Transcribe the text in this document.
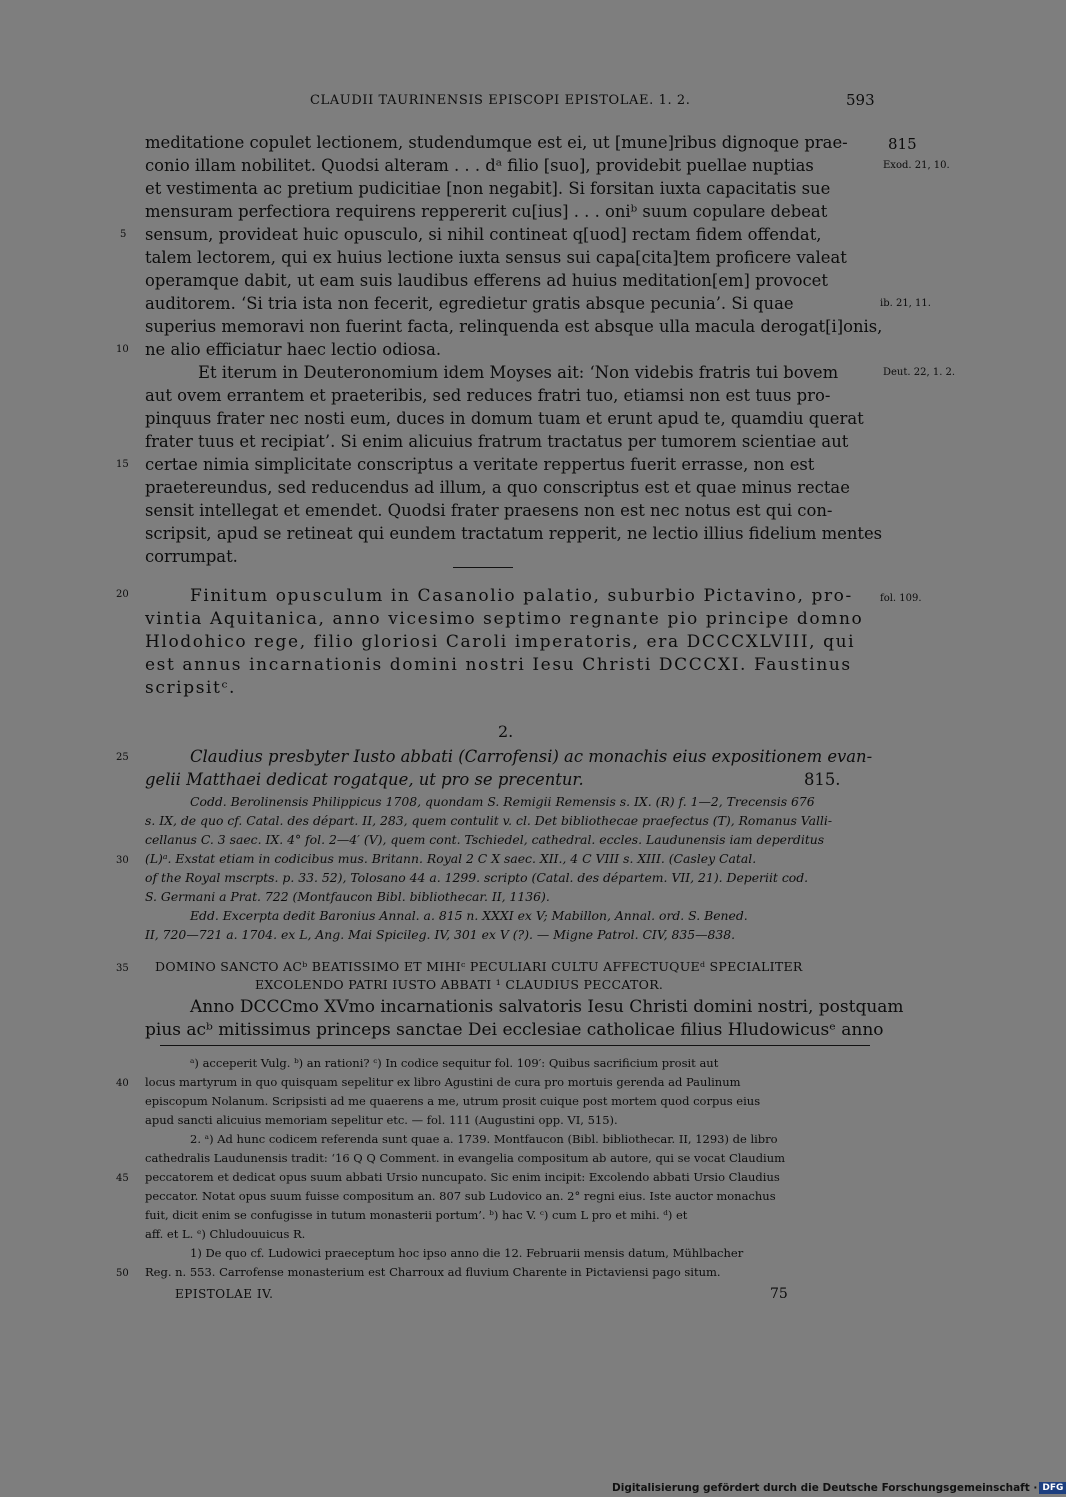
CLAUDII TAURINENSIS EPISCOPI EPISTOLAE. 1. 2.	593
meditatione copulet lectionem, studendumque est ei, ut [mune]ribus dignoque prae-
conio illam nobilitet. Quodsi alteram . . . dᵃ filio [suo], providebit puellae nuptias
et vestimenta ac pretium pudicitiae [non negabit]. Si forsitan iuxta capacitatis sue
mensuram perfectiora requirens reppererit cu[ius] . . . oniᵇ suum copulare debeat
sensum, provideat huic opusculo, si nihil contineat q[uod] rectam fidem offendat,
talem lectorem, qui ex huius lectione iuxta sensus sui capa[cita]tem proficere valeat
operamque dabit, ut eam suis laudibus efferens ad huius meditation[em] provocet
auditorem. ‘Si tria ista non fecerit, egredietur gratis absque pecunia’. Si quae
superius memoravi non fuerint facta, relinquenda est absque ulla macula derogat[i]onis,
ne alio efficiatur haec lectio odiosa.
Et iterum in Deuteronomium idem Moyses ait: ‘Non videbis fratris tui bovem
aut ovem errantem et praeteribis, sed reduces fratri tuo, etiamsi non est tuus pro-
pinquus frater nec nosti eum, duces in domum tuam et erunt apud te, quamdiu querat
frater tuus et recipiat’. Si enim alicuius fratrum tractatus per tumorem scientiae aut
certae nimia simplicitate conscriptus a veritate reppertus fuerit errasse, non est
praetereundus, sed reducendus ad illum, a quo conscriptus est et quae minus rectae
sensit intellegat et emendet. Quodsi frater praesens non est nec notus est qui con-
scripsit, apud se retineat qui eundem tractatum repperit, ne lectio illius fidelium mentes
corrumpat.
5
10
15
20
815
Exod. 21, 10.
ib. 21, 11.
Deut. 22, 1. 2.
Finitum opusculum in Casanolio palatio, suburbio Pictavino, pro-
vintia Aquitanica, anno vicesimo septimo regnante pio principe domno
Hlodohico rege, filio gloriosi Caroli imperatoris, era DCCCXLVIII, qui
est annus incarnationis domini nostri Iesu Christi DCCCXI. Faustinus
scripsitᶜ.
fol. 109.
2.
25	Claudius presbyter Iusto abbati (Carrofensi) ac monachis eius expositionem evan-
gelii Matthaei dedicat rogatque, ut pro se precentur.	815.
Codd. Berolinensis Philippicus 1708, quondam S. Remigii Remensis s. IX. (R) f. 1—2, Trecensis 676
s. IX, de quo cf. Catal. des départ. II, 283, quem contulit v. cl. Det bibliothecae praefectus (T), Romanus Valli-
cellanus C. 3 saec. IX. 4° fol. 2—4′ (V), quem cont. Tschiedel, cathedral. eccles. Laudunensis iam deperditus
(L)ᵃ. Exstat etiam in codicibus mus. Britann. Royal 2 C X saec. XII., 4 C VIII s. XIII. (Casley Catal.
of the Royal mscrpts. p. 33. 52), Tolosano 44 a. 1299. scripto (Catal. des départem. VII, 21). Deperiit cod.
S. Germani a Prat. 722 (Montfaucon Bibl. bibliothecar. II, 1136).
Edd. Excerpta dedit Baronius Annal. a. 815 n. XXXI ex V; Mabillon, Annal. ord. S. Bened.
II, 720—721 a. 1704. ex L, Ang. Mai Spicileg. IV, 301 ex V (?). — Migne Patrol. CIV, 835—838.
30
35 DOMINO SANCTO ACᵇ BEATISSIMO ET MIHIᶜ PECULIARI CULTU AFFECTUQUEᵈ SPECIALITER
EXCOLENDO PATRI IUSTO ABBATI ¹ CLAUDIUS PECCATOR.
Anno DCCCmo XVmo incarnationis salvatoris Iesu Christi domini nostri, postquam
pius acᵇ mitissimus princeps sanctae Dei ecclesiae catholicae filius Hludowicusᵉ anno
ᵃ) acceperit Vulg. ᵇ) an rationi? ᶜ) In codice sequitur fol. 109′: Quibus sacrificium prosit aut
locus martyrum in quo quisquam sepelitur ex libro Agustini de cura pro mortuis gerenda ad Paulinum
episcopum Nolanum. Scripsisti ad me quaerens a me, utrum prosit cuique post mortem quod corpus eius
apud sancti alicuius memoriam sepelitur etc. — fol. 111 (Augustini opp. VI, 515).
2. ᵃ) Ad hunc codicem referenda sunt quae a. 1739. Montfaucon (Bibl. bibliothecar. II, 1293) de libro
cathedralis Laudunensis tradit: ‘16 Q Q Comment. in evangelia compositum ab autore, qui se vocat Claudium
peccatorem et dedicat opus suum abbati Ursio nuncupato. Sic enim incipit: Excolendo abbati Ursio Claudius
peccator. Notat opus suum fuisse compositum an. 807 sub Ludovico an. 2° regni eius. Iste auctor monachus
fuit, dicit enim se confugisse in tutum monasterii portum’. ᵇ) hac V. ᶜ) cum L pro et mihi. ᵈ) et
aff. et L. ᵉ) Chludouuicus R.
1) De quo cf. Ludowici praeceptum hoc ipso anno die 12. Februarii mensis datum, Mühlbacher
Reg. n. 553. Carrofense monasterium est Charroux ad fluvium Charente in Pictaviensi pago situm.
40
45
50
EPISTOLAE IV.	75
Digitalisierung gefördert durch die Deutsche Forschungsgemeinschaft · DFG
